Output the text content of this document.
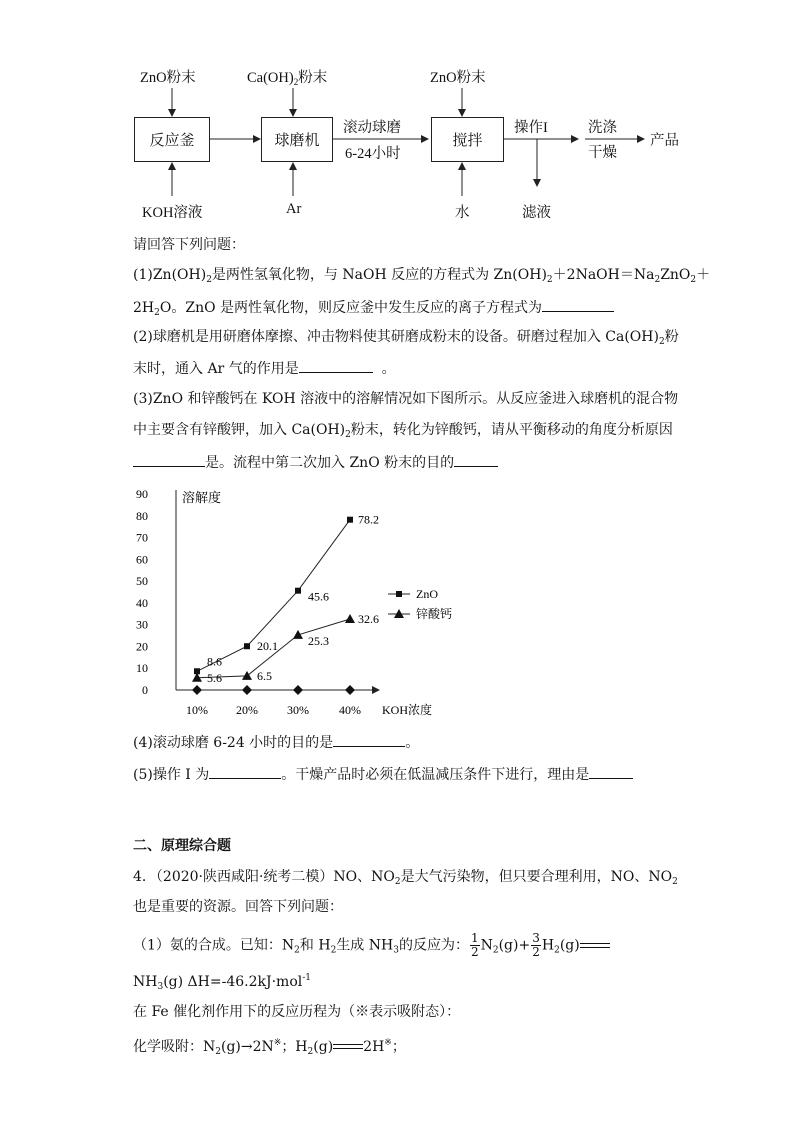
ZnO粉末	$Ca(OH)_2$粉末	ZnO粉末
反应釜	球磨机	搅拌
滚动球磨
6-24小时
操作I	洗涤
干燥
产品
KOH溶液	Ar	水	滤液
请回答下列问题：
$(1)Zn(OH)_2$是两性氢氧化物，与 NaOH 反应的方程式为 $Zn(OH)_2+2NaOH=Na_2ZnO_2+$
$2H_2O$。ZnO 是两性氧化物，则反应釜中发生反应的离子方程式为
(2)球磨机是用研磨体摩擦、冲击物料使其研磨成粉末的设备。研磨过程加入 $Ca(OH)_2$粉
末时，通入 Ar 气的作用是	。
(3)ZnO 和锌酸钙在 KOH 溶液中的溶解情况如下图所示。从反应釜进入球磨机的混合物
中主要含有锌酸钾，加入 $Ca(OH)_2$粉末，转化为锌酸钙，请从平衡移动的角度分析原因
是。流程中第二次加入 ZnO 粉末的目的
0
10
20
30
40
50
60
70
80
90
10% 20% 30%	40%
溶解度
KOH浓度
8.6
20.1
45.6
78.2
5.6	6.5
25.3
32.6
ZnO
锌酸钙
(4)滚动球磨 6-24 小时的目的是	。
(5)操作 I 为	。干燥产品时必须在低温减压条件下进行，理由是
二、原理综合题
4．（2020·陕西咸阳·统考二模）NO、$NO_2$是大气污染物，但只要合理利用，NO、$NO_2$
也是重要的资源。回答下列问题：
（1）氨的合成。已知：$N_2$和 $H_2$生成 $NH_3$的反应为： $\frac{1}{2} N_2(g)+ \frac{3}{2} H_2(g)$
$NH_3(g)$ ΔH=-46.2kJ·mol$^{-1}$
在 Fe 催化剂作用下的反应历程为（※表示吸附态）：
化学吸附：$N_2(g)\to 2N^※$；$H_2(g)$ 2H※；
